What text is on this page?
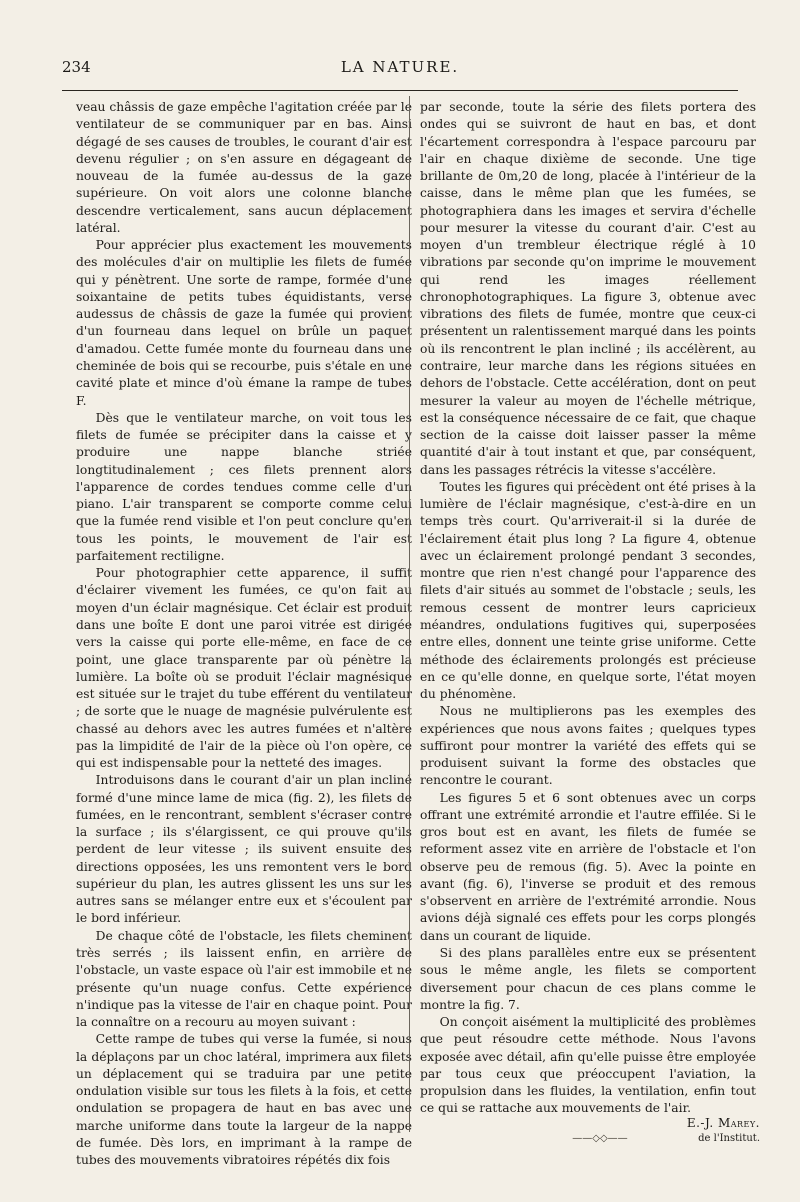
234	LA NATURE.

veau châssis de gaze empêche l'agitation créée par le ventilateur de se communiquer par en bas. Ainsi dégagé de ses causes de troubles, le courant d'air est devenu régulier ; on s'en assure en dégageant de nouveau de la fumée au-dessus de la gaze supérieure. On voit alors une colonne blanche descendre verticalement, sans aucun déplacement latéral.

Pour apprécier plus exactement les mouvements des molécules d'air on multiplie les filets de fumée qui y pénètrent. Une sorte de rampe, formée d'une soixantaine de petits tubes équidistants, verse audessus de châssis de gaze la fumée qui provient d'un fourneau dans lequel on brûle un paquet d'amadou. Cette fumée monte du fourneau dans une cheminée de bois qui se recourbe, puis s'étale en une cavité plate et mince d'où émane la rampe de tubes F.

Dès que le ventilateur marche, on voit tous les filets de fumée se précipiter dans la caisse et y produire une nappe blanche striée longtitudinalement ; ces filets prennent alors l'apparence de cordes tendues comme celle d'un piano. L'air transparent se comporte comme celui que la fumée rend visible et l'on peut conclure qu'en tous les points, le mouvement de l'air est parfaitement rectiligne.

Pour photographier cette apparence, il suffit d'éclairer vivement les fumées, ce qu'on fait au moyen d'un éclair magnésique. Cet éclair est produit dans une boîte E dont une paroi vitrée est dirigée vers la caisse qui porte elle-même, en face de ce point, une glace transparente par où pénètre la lumière. La boîte où se produit l'éclair magnésique est située sur le trajet du tube efférent du ventilateur ; de sorte que le nuage de magnésie pulvérulente est chassé au dehors avec les autres fumées et n'altère pas la limpidité de l'air de la pièce où l'on opère, ce qui est indispensable pour la netteté des images.

Introduisons dans le courant d'air un plan incliné formé d'une mince lame de mica (fig. 2), les filets de fumées, en le rencontrant, semblent s'écraser contre la surface ; ils s'élargissent, ce qui prouve qu'ils perdent de leur vitesse ; ils suivent ensuite des directions opposées, les uns remontent vers le bord supérieur du plan, les autres glissent les uns sur les autres sans se mélanger entre eux et s'écoulent par le bord inférieur.

De chaque côté de l'obstacle, les filets cheminent très serrés ; ils laissent enfin, en arrière de l'obstacle, un vaste espace où l'air est immobile et ne présente qu'un nuage confus. Cette expérience n'indique pas la vitesse de l'air en chaque point. Pour la connaître on a recouru au moyen suivant :

Cette rampe de tubes qui verse la fumée, si nous la déplaçons par un choc latéral, imprimera aux filets un déplacement qui se traduira par une petite ondulation visible sur tous les filets à la fois, et cette ondulation se propagera de haut en bas avec une marche uniforme dans toute la largeur de la nappe de fumée. Dès lors, en imprimant à la rampe de tubes des mouvements vibratoires répétés dix fois

par seconde, toute la série des filets portera des ondes qui se suivront de haut en bas, et dont l'écartement correspondra à l'espace parcouru par l'air en chaque dixième de seconde. Une tige brillante de 0m,20 de long, placée à l'intérieur de la caisse, dans le même plan que les fumées, se photographiera dans les images et servira d'échelle pour mesurer la vitesse du courant d'air. C'est au moyen d'un trembleur électrique réglé à 10 vibrations par seconde qu'on imprime le mouvement qui rend les images réellement chronophotographiques. La figure 3, obtenue avec vibrations des filets de fumée, montre que ceux-ci présentent un ralentissement marqué dans les points où ils rencontrent le plan incliné ; ils accélèrent, au contraire, leur marche dans les régions situées en dehors de l'obstacle. Cette accélération, dont on peut mesurer la valeur au moyen de l'échelle métrique, est la conséquence nécessaire de ce fait, que chaque section de la caisse doit laisser passer la même quantité d'air à tout instant et que, par conséquent, dans les passages rétrécis la vitesse s'accélère.

Toutes les figures qui précèdent ont été prises à la lumière de l'éclair magnésique, c'est-à-dire en un temps très court. Qu'arriverait-il si la durée de l'éclairement était plus long ? La figure 4, obtenue avec un éclairement prolongé pendant 3 secondes, montre que rien n'est changé pour l'apparence des filets d'air situés au sommet de l'obstacle ; seuls, les remous cessent de montrer leurs capricieux méandres, ondulations fugitives qui, superposées entre elles, donnent une teinte grise uniforme. Cette méthode des éclairements prolongés est précieuse en ce qu'elle donne, en quelque sorte, l'état moyen du phénomène.

Nous ne multiplierons pas les exemples des expériences que nous avons faites ; quelques types suffiront pour montrer la variété des effets qui se produisent suivant la forme des obstacles que rencontre le courant.

Les figures 5 et 6 sont obtenues avec un corps offrant une extrémité arrondie et l'autre effilée. Si le gros bout est en avant, les filets de fumée se reforment assez vite en arrière de l'obstacle et l'on observe peu de remous (fig. 5). Avec la pointe en avant (fig. 6), l'inverse se produit et des remous s'observent en arrière de l'extrémité arrondie. Nous avions déjà signalé ces effets pour les corps plongés dans un courant de liquide.

Si des plans parallèles entre eux se présentent sous le même angle, les filets se comportent diversement pour chacun de ces plans comme le montre la fig. 7.

On conçoit aisément la multiplicité des problèmes que peut résoudre cette méthode. Nous l'avons exposée avec détail, afin qu'elle puisse être employée par tous ceux que préoccupent l'aviation, la propulsion dans les fluides, la ventilation, enfin tout ce qui se rattache aux mouvements de l'air.

E.-J. Marey.
de l'Institut.
——◇◇——
